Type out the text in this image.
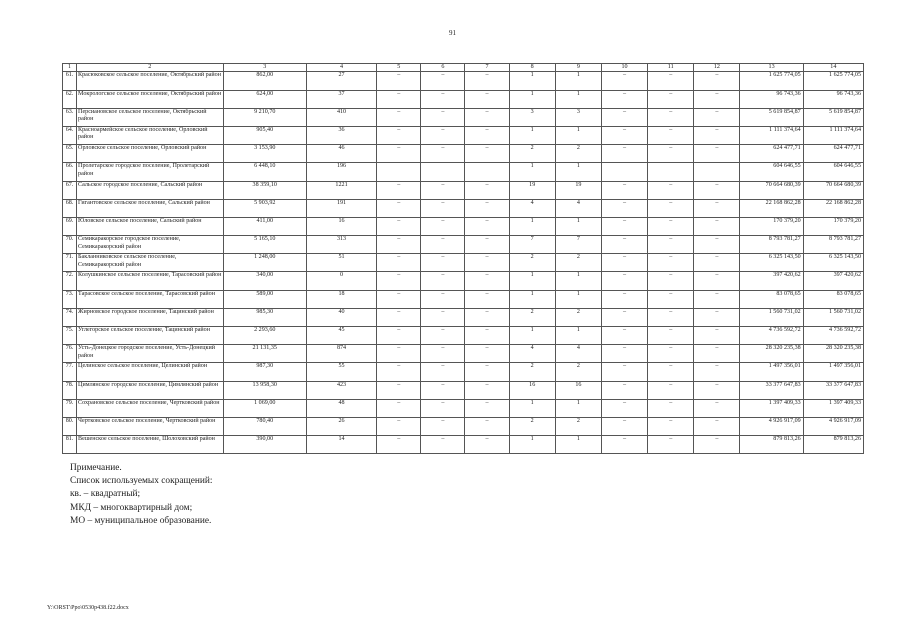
91
1	2	3	4	5	6	7	8	9	10	11	12	13	14
61.	Красюковское сельское поселение, Октябрьский район	862,00	27	–	–	–	1	1	–	–	–	1 625 774,05	1 625 774,05
62.	Мокрологское сельское поселение, Октябрьский район	624,00	37	–	–	–	1	1	–	–	–	96 743,36	96 743,36
63.	Персиановское сельское поселение, Октябрьский район	9 210,70	410	–	–	–	3	3	–	–	–	5 619 854,87	5 619 854,87
64.	Красноармейское сельское поселение, Орловский район	905,40	36	–	–	–	1	1	–	–	–	1 111 374,64	1 111 374,64
65.	Орловское сельское поселение, Орловский район	3 153,90	46	–	–	–	2	2	–	–	–	624 477,71	624 477,71
66.	Пролетарское городское поселение, Пролетарский район	6 448,10	196				1	1				604 646,55	604 646,55
67.	Сальское городское поселение, Сальский район	38 359,10	1221	–	–	–	19	19	–	–	–	70 664 680,39	70 664 680,39
68.	Гигантовское сельское поселение, Сальский район	5 903,92	191	–	–	–	4	4	–	–	–	22 168 862,28	22 168 862,28
69.	Юловское сельское поселение, Сальский район	411,00	16	–	–	–	1	1	–	–	–	170 379,20	170 379,20
70.	Семикаракорское городское поселение, Семикаракорский район	5 165,10	313	–	–	–	7	7	–	–	–	8 793 781,27	8 793 781,27
71.	Бакланниковское сельское поселение, Семикаракорский район	1 248,00	51	–	–	–	2	2	–	–	–	6 325 143,50	6 325 143,50
72.	Колушкинское сельское поселение, Тарасовский район	340,00	0	–	–	–	1	1	–	–	–	397 420,62	397 420,62
73.	Тарасовское сельское поселение, Тарасовский район	589,00	18	–	–	–	1	1	–	–	–	83 078,65	83 078,65
74.	Жирновское городское поселение, Тацинский район	985,30	40	–	–	–	2	2	–	–	–	1 560 731,02	1 560 731,02
75.	Углегорское сельское поселение, Тацинский район	2 293,60	45	–	–	–	1	1	–	–	–	4 736 592,72	4 736 592,72
76.	Усть-Донецкое городское поселение, Усть-Донецкий район	21 131,35	874	–	–	–	4	4	–	–	–	28 320 235,38	28 320 235,38
77.	Целинское сельское поселение, Целинский район	987,30	55	–	–	–	2	2	–	–	–	1 497 356,01	1 497 356,01
78.	Цимлянское городское поселение, Цимлянский район	13 958,30	423	–	–	–	16	16	–	–	–	33 377 647,83	33 377 647,83
79.	Сохрановское сельское поселение, Чертковский район	1 069,00	48	–	–	–	1	1	–	–	–	1 397 409,33	1 397 409,33
80.	Чертковское сельское поселение, Чертковский район	780,40	26	–	–	–	2	2	–	–	–	4 926 917,09	4 926 917,09
81.	Вешенское сельское поселение, Шолоховский район	390,00	14	–	–	–	1	1	–	–	–	879 813,26	879 813,26
Примечание.
Список используемых сокращений:
кв. – квадратный;
МКД – многоквартирный дом;
МО – муниципальное образование.
Y:\ORST\Ppo\0530p438.f22.docx
